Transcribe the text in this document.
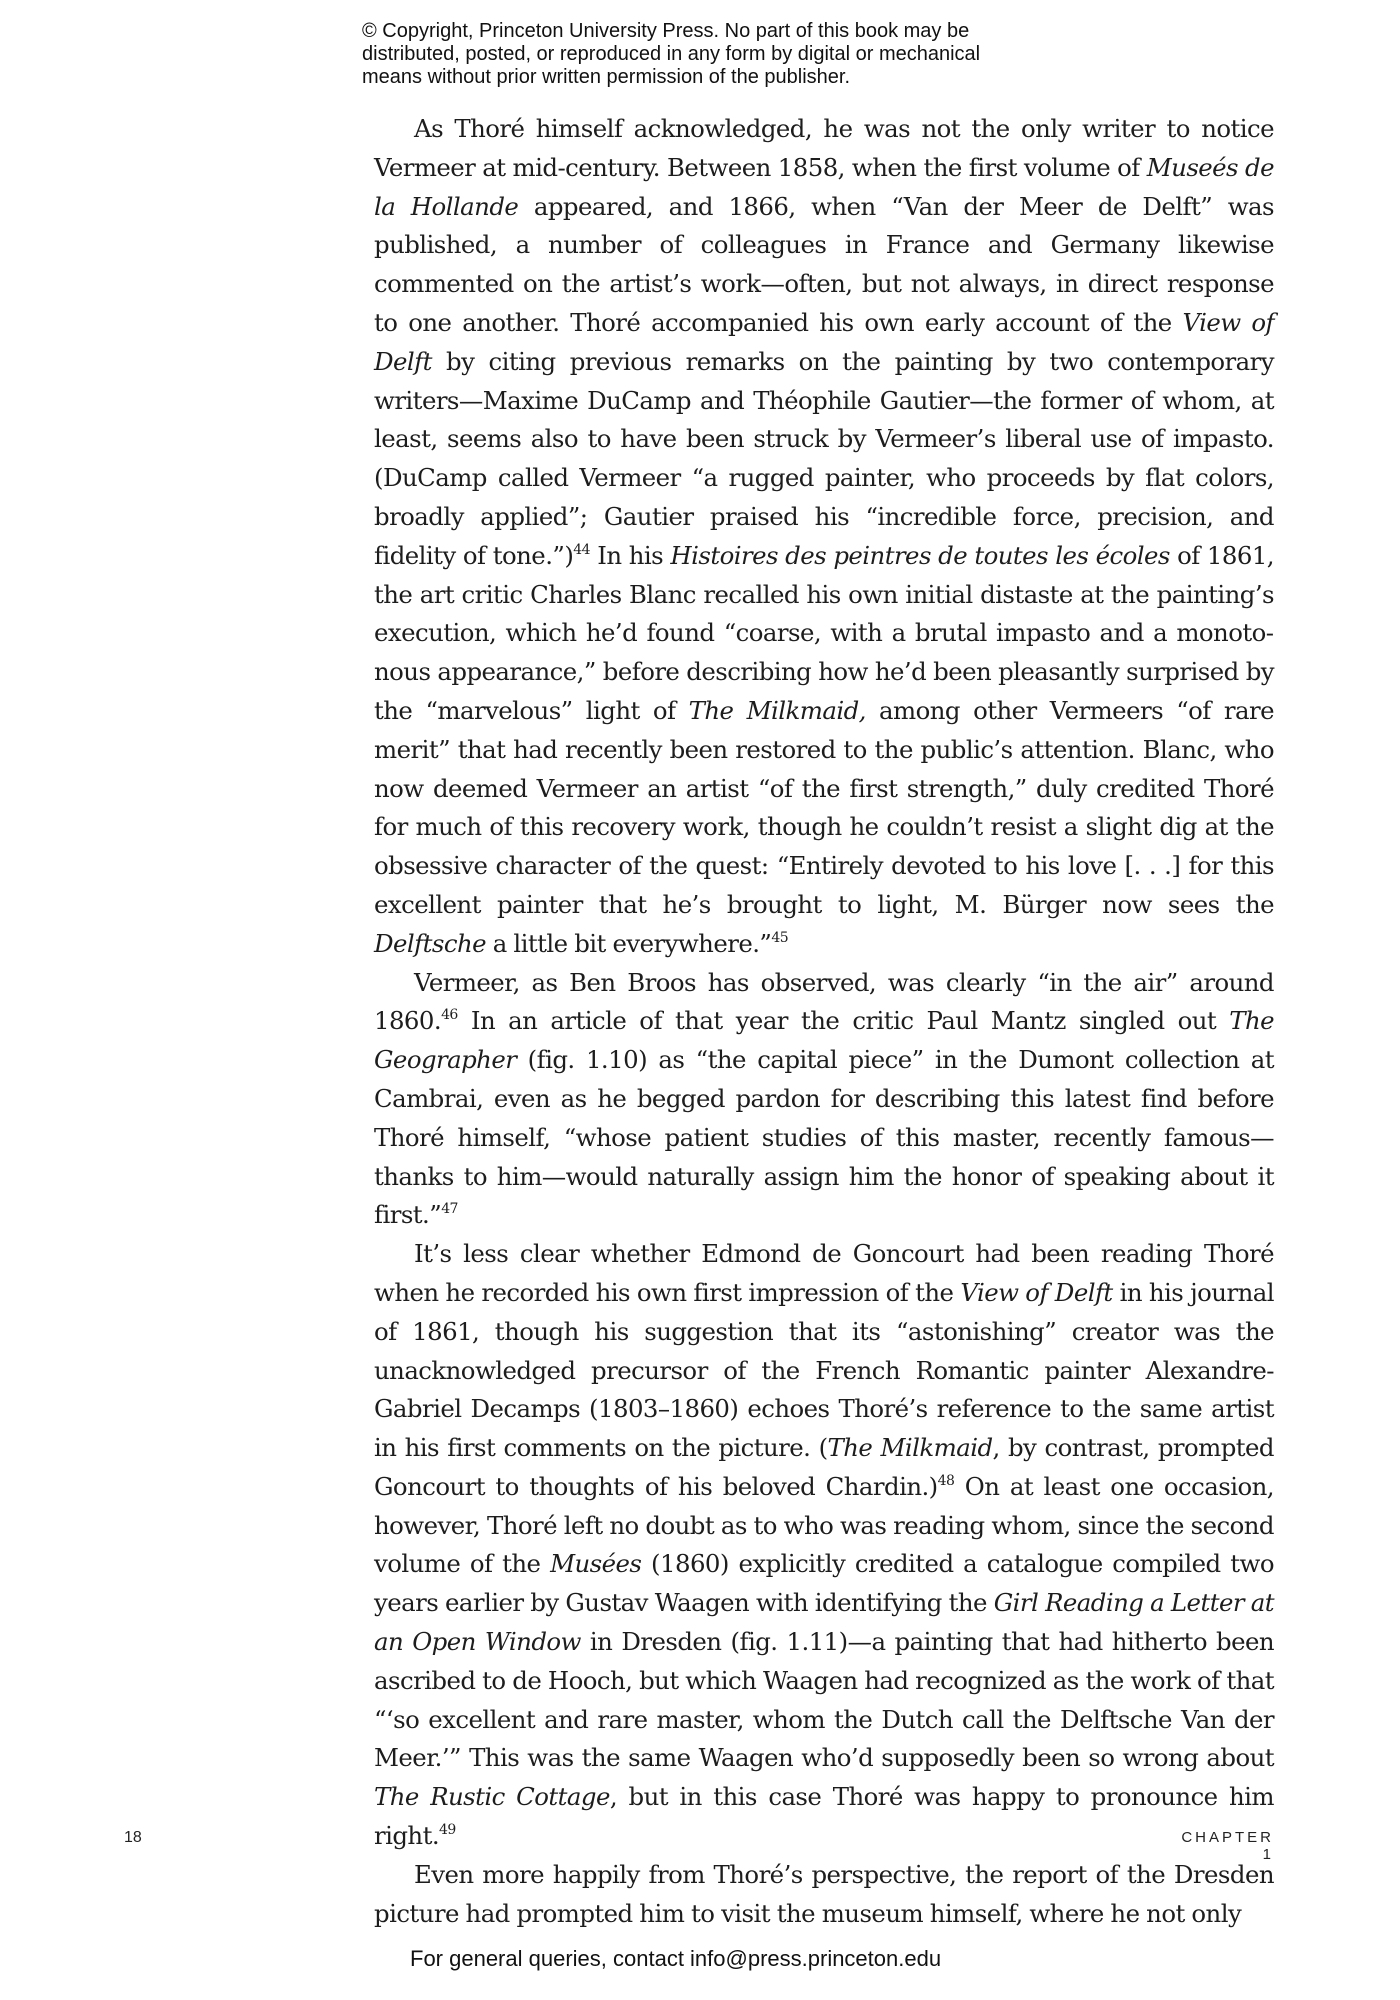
© Copyright, Princeton University Press. No part of this book may be
distributed, posted, or reproduced in any form by digital or mechanical
means without prior written permission of the publisher.

As Thoré himself acknowledged, he was not the only writer to notice Vermeer at mid-century. Between 1858, when the first volume of Museés de la Hollande appeared, and 1866, when “Van der Meer de Delft” was published, a number of colleagues in France and Germany likewise commented on the artist’s work—often, but not always, in direct response to one another. Thoré accompanied his own early account of the View of Delft by citing previous remarks on the painting by two contemporary writers—Maxime DuCamp and Théophile Gautier—the former of whom, at least, seems also to have been struck by Vermeer’s liberal use of impasto. (DuCamp called Vermeer “a rugged painter, who proceeds by flat colors, broadly applied”; Gautier praised his “incredible force, precision, and fidelity of tone.”)$^{44}$ In his Histoires des peintres de toutes les écoles of 1861, the art critic Charles Blanc recalled his own initial distaste at the painting’s execution, which he’d found “coarse, with a brutal impasto and a monotonous appearance,” before describing how he’d been pleasantly surprised by the “marvelous” light of The Milkmaid, among other Vermeers “of rare merit” that had recently been restored to the public’s attention. Blanc, who now deemed Vermeer an artist “of the first strength,” duly credited Thoré for much of this recovery work, though he couldn’t resist a slight dig at the obsessive character of the quest: “Entirely devoted to his love [. . .] for this excellent painter that he’s brought to light, M. Bürger now sees the Delftsche a little bit everywhere.”$^{45}$

Vermeer, as Ben Broos has observed, was clearly “in the air” around 1860.46 In an article of that year the critic Paul Mantz singled out The Geographer (fig. 1.10) as “the capital piece” in the Dumont collection at Cambrai, even as he begged pardon for describing this latest find before Thoré himself, “whose patient studies of this master, recently famous—thanks to him—would naturally assign him the honor of speaking about it first.”$^{47}$

It’s less clear whether Edmond de Goncourt had been reading Thoré when he recorded his own first impression of the View of Delft in his journal of 1861, though his suggestion that its “astonishing” creator was the unacknowledged precursor of the French Romantic painter Alexandre-Gabriel Decamps (1803–1860) echoes Thoré’s reference to the same artist in his first comments on the picture. (The Milkmaid, by contrast, prompted Goncourt to thoughts of his beloved Chardin.)$^{48}$ On at least one occasion, however, Thoré left no doubt as to who was reading whom, since the second volume of the Musées (1860) explicitly credited a catalogue compiled two years earlier by Gustav Waagen with identifying the Girl Reading a Letter at an Open Window in Dresden (fig. 1.11)—a painting that had hitherto been ascribed to de Hooch, but which Waagen had recognized as the work of that “‘so excellent and rare master, whom the Dutch call the Delftsche Van der Meer.’” This was the same Waagen who’d supposedly been so wrong about The Rustic Cottage, but in this case Thoré was happy to pronounce him right.$^{49}$

Even more happily from Thoré’s perspective, the report of the Dresden picture had prompted him to visit the museum himself, where he not only

18	CHAPTER 1
For general queries, contact info@press.princeton.edu
